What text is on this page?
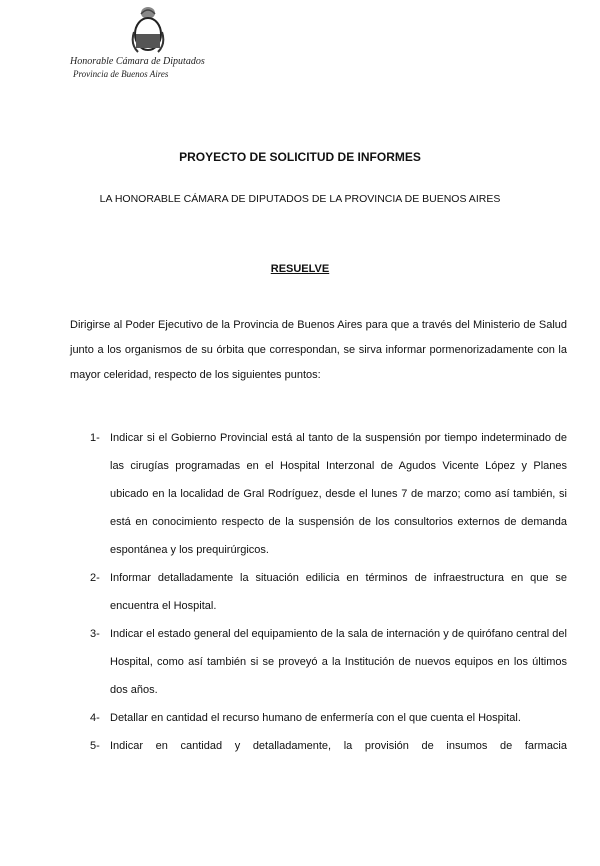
Honorable Cámara de Diputados
Provincia de Buenos Aires
PROYECTO DE SOLICITUD DE INFORMES

LA HONORABLE CÁMARA DE DIPUTADOS DE LA PROVINCIA DE BUENOS AIRES

RESUELVE

Dirigirse al Poder Ejecutivo de la Provincia de Buenos Aires para que a través del Ministerio de Salud junto a los organismos de su órbita que correspondan, se sirva informar pormenorizadamente con la mayor celeridad, respecto de los siguientes puntos:

1- Indicar si el Gobierno Provincial está al tanto de la suspensión por tiempo indeterminado de las cirugías programadas en el Hospital Interzonal de Agudos Vicente López y Planes ubicado en la localidad de Gral Rodríguez, desde el lunes 7 de marzo; como así también, si está en conocimiento respecto de la suspensión de los consultorios externos de demanda espontánea y los prequirúrgicos.

2- Informar detalladamente la situación edilicia en términos de infraestructura en que se encuentra el Hospital.

3- Indicar el estado general del equipamiento de la sala de internación y de quirófano central del Hospital, como así también si se proveyó a la Institución de nuevos equipos en los últimos dos años.

4- Detallar en cantidad el recurso humano de enfermería con el que cuenta el Hospital.

5- Indicar en cantidad y detalladamente, la provisión de insumos de farmacia
